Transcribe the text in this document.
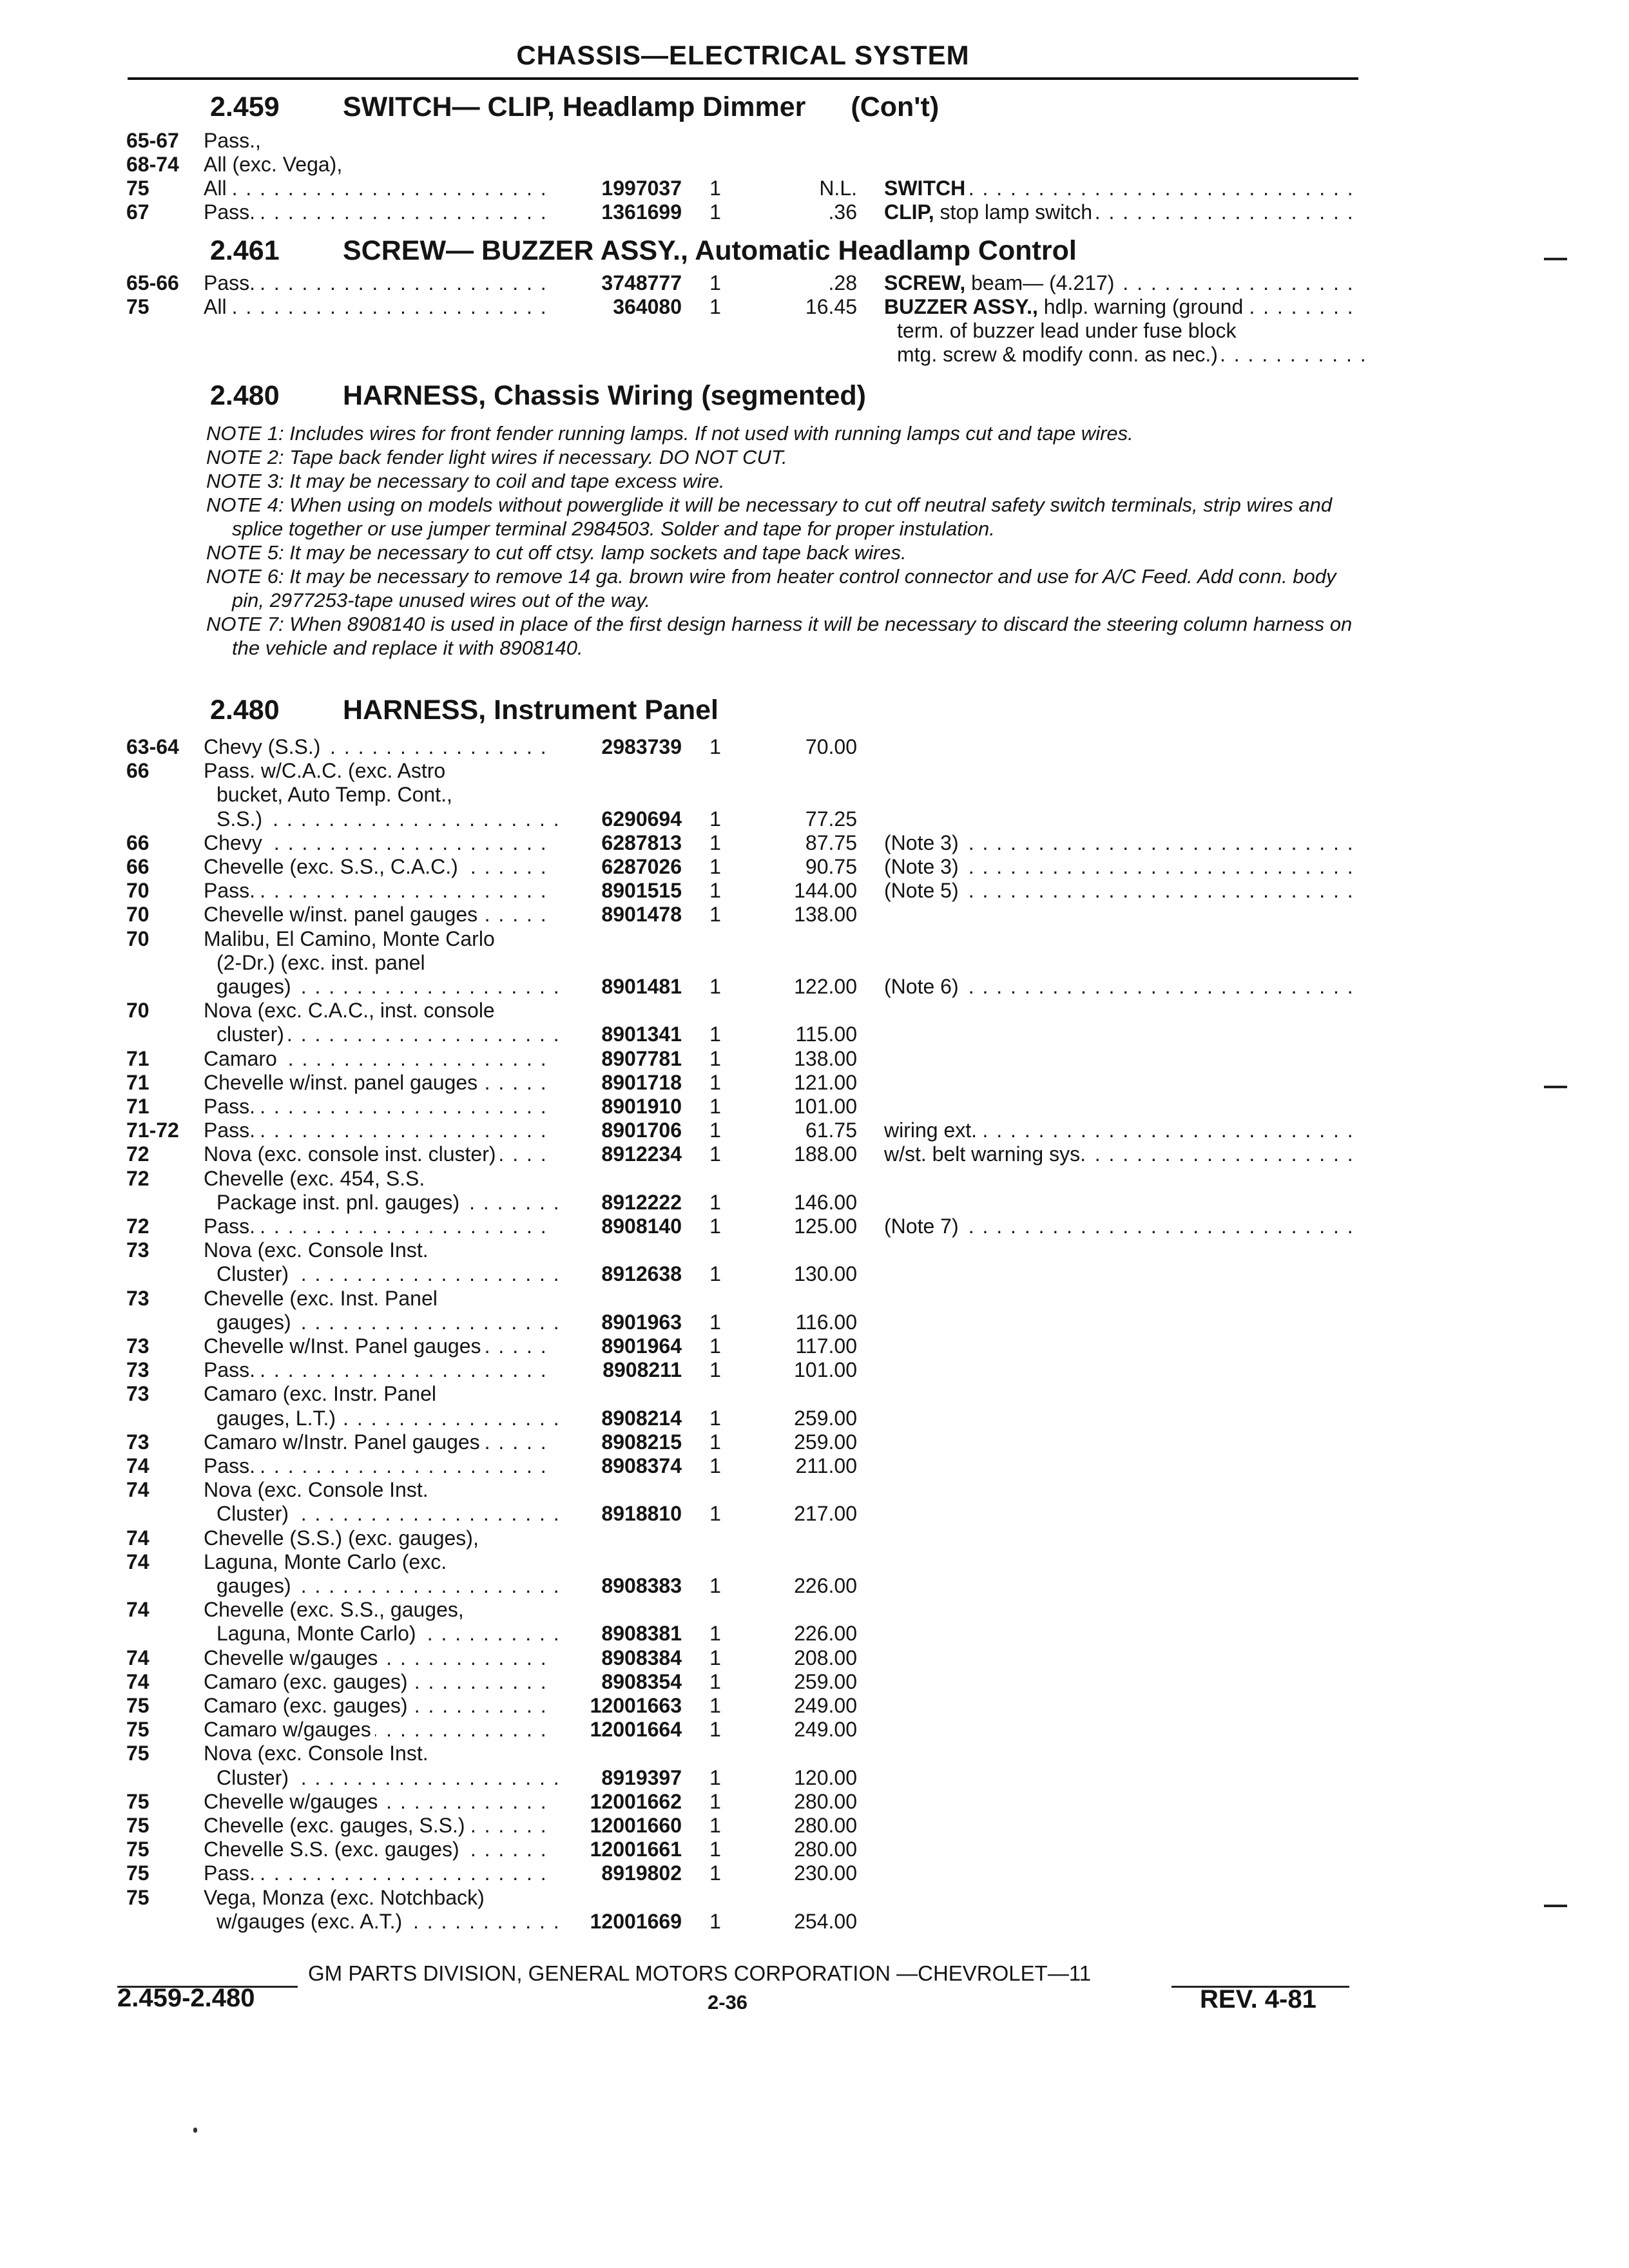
CHASSIS—ELECTRICAL SYSTEM
2.459 SWITCH— CLIP, Headlamp Dimmer (Con't)
65-67	Pass.,
68-74	All (exc. Vega),
75	All . . .	1997037	1	N.L. SWITCH . . .
67	Pass. . . .	1361699	1	.36 CLIP, stop lamp switch . . .
65-66	Pass. . . .	3748777	1	.28 SCREW, beam— (4.217) . . .
75	All . . .	364080	1	16.45 BUZZER ASSY., hdlp. warning (ground . . .
term. of buzzer lead under fuse block
mtg. screw & modify conn. as nec.) . . .
2.461 SCREW— BUZZER ASSY., Automatic Headlamp Control
2.480 HARNESS, Chassis Wiring (segmented)
NOTE 1: Includes wires for front fender running lamps. If not used with running lamps cut and tape wires.
NOTE 2: Tape back fender light wires if necessary. DO NOT CUT.
NOTE 3: It may be necessary to coil and tape excess wire.
NOTE 4: When using on models without powerglide it will be necessary to cut off neutral safety switch terminals, strip wires and splice together or use jumper terminal 2984503. Solder and tape for proper instulation.
NOTE 5: It may be necessary to cut off ctsy. lamp sockets and tape back wires.
NOTE 6: It may be necessary to remove 14 ga. brown wire from heater control connector and use for A/C Feed. Add conn. body pin, 2977253-tape unused wires out of the way.
NOTE 7: When 8908140 is used in place of the first design harness it will be necessary to discard the steering column harness on the vehicle and replace it with 8908140.
2.480 HARNESS, Instrument Panel
63-64	Chevy (S.S.) . . .	2983739	1	70.00
66	Pass. w/C.A.C. (exc. Astro
bucket, Auto Temp. Cont.,
S.S.) . . .	6290694	1	77.25
66	Chevy . . .	6287813	1	87.75 (Note 3) . . .
66	Chevelle (exc. S.S., C.A.C.) . . .	6287026	1	90.75 (Note 3) . . .
70	Pass. . . .	8901515	1	144.00 (Note 5) . . .
70	Chevelle w/inst. panel gauges . . .	8901478	1	138.00
70	Malibu, El Camino, Monte Carlo
(2-Dr.) (exc. inst. panel
gauges) . . .	8901481	1	122.00 (Note 6) . . .
70	Nova (exc. C.A.C., inst. console
cluster) . . .	8901341	1	115.00
71	Camaro . . .	8907781	1	138.00
71	Chevelle w/inst. panel gauges . . .	8901718	1	121.00
71	Pass. . . .	8901910	1	101.00
71-72	Pass. . . .	8901706	1	61.75 wiring ext. . . .
72	Nova (exc. console inst. cluster) . . .	8912234	1	188.00 w/st. belt warning sys. . . .
72	Chevelle (exc. 454, S.S.
Package inst. pnl. gauges) . . .	8912222	1	146.00
72	Pass. . . .	8908140	1	125.00 (Note 7) . . .
73	Nova (exc. Console Inst.
Cluster) . . .	8912638	1	130.00
73	Chevelle (exc. Inst. Panel
gauges) . . .	8901963	1	116.00
73	Chevelle w/Inst. Panel gauges . . .	8901964	1	117.00
73	Pass. . . .	8908211	1	101.00
73	Camaro (exc. Instr. Panel
gauges, L.T.) . . .	8908214	1	259.00
73	Camaro w/Instr. Panel gauges . . .	8908215	1	259.00
74	Pass. . . .	8908374	1	211.00
74	Nova (exc. Console Inst.
Cluster) . . .	8918810	1	217.00
74	Chevelle (S.S.) (exc. gauges),
74	Laguna, Monte Carlo (exc.
gauges) . . .	8908383	1	226.00
74	Chevelle (exc. S.S., gauges,
Laguna, Monte Carlo) . . .	8908381	1	226.00
74	Chevelle w/gauges . . .	8908384	1	208.00
74	Camaro (exc. gauges) . . .	8908354	1	259.00
75	Camaro (exc. gauges) . . .	12001663	1	249.00
75	Camaro w/gauges . . .	12001664	1	249.00
75	Nova (exc. Console Inst.
Cluster) . . .	8919397	1	120.00
75	Chevelle w/gauges . . .	12001662	1	280.00
75	Chevelle (exc. gauges, S.S.) . . .	12001660	1	280.00
75	Chevelle S.S. (exc. gauges) . . .	12001661	1	280.00
75	Pass. . . .	8919802	1	230.00
75	Vega, Monza (exc. Notchback)
w/gauges (exc. A.T.) . . .	12001669	1	254.00
GM PARTS DIVISION, GENERAL MOTORS CORPORATION —CHEVROLET—11
2.459-2.480	2-36	REV. 4-81
